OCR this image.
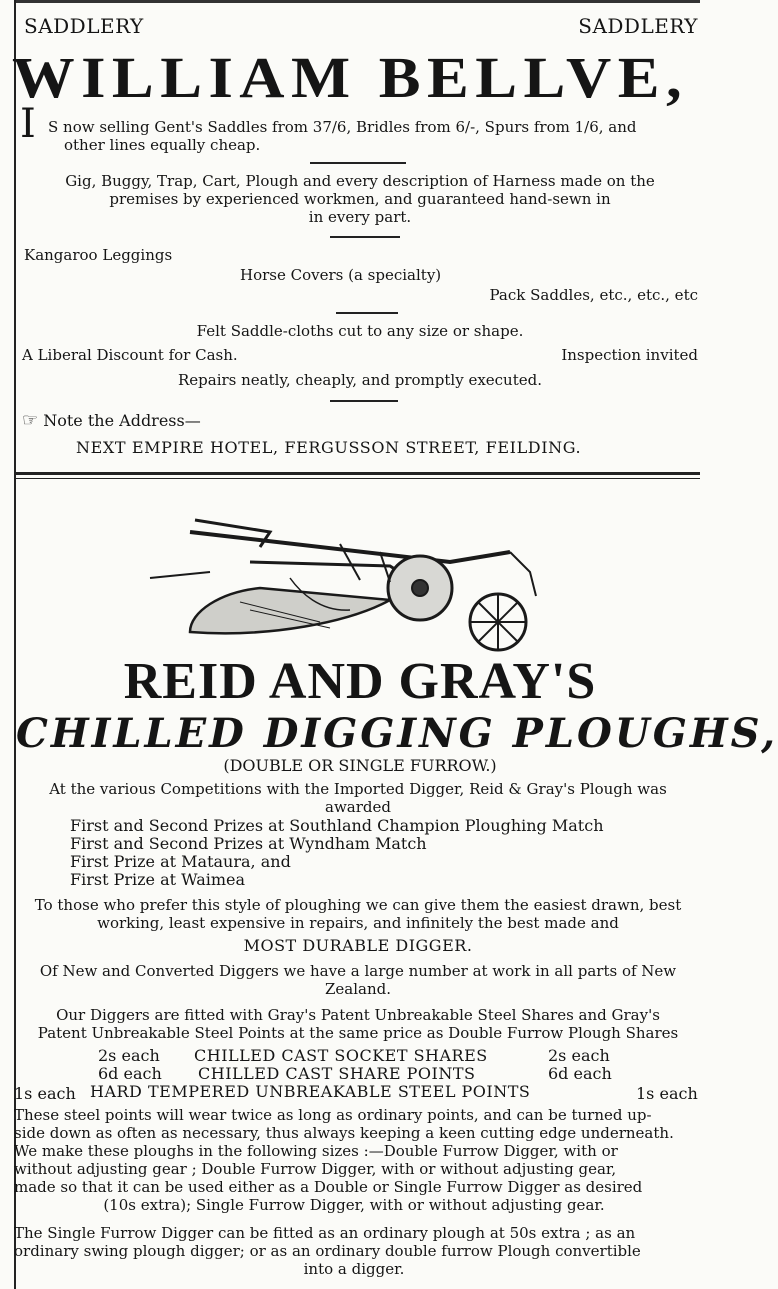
SADDLERY	SADDLERY
WILLIAM BELLVE,
I S now selling Gent's Saddles from 37/6, Bridles from 6/-, Spurs from 1/6, and
other lines equally cheap.
Gig, Buggy, Trap, Cart, Plough and every description of Harness made on the
premises by experienced workmen, and guaranteed hand-sewn in
in every part.
Kangaroo Leggings
Horse Covers (a specialty)
Pack Saddles, etc., etc., etc
Felt Saddle-cloths cut to any size or shape.
A Liberal Discount for Cash.	Inspection invited
Repairs neatly, cheaply, and promptly executed.
☞ Note the Address—
NEXT EMPIRE HOTEL, FERGUSSON STREET, FEILDING.
REID AND GRAY'S
CHILLED DIGGING PLOUGHS,
(DOUBLE OR SINGLE FURROW.)
At the various Competitions with the Imported Digger, Reid & Gray's Plough was
awarded
First and Second Prizes at Southland Champion Ploughing Match
First and Second Prizes at Wyndham Match
First Prize at Mataura, and
First Prize at Waimea
To those who prefer this style of ploughing we can give them the easiest drawn, best
working, least expensive in repairs, and infinitely the best made and
MOST DURABLE DIGGER.
Of New and Converted Diggers we have a large number at work in all parts of New
Zealand.
Our Diggers are fitted with Gray's Patent Unbreakable Steel Shares and Gray's
Patent Unbreakable Steel Points at the same price as Double Furrow Plough Shares
2s each CHILLED CAST SOCKET SHARES	2s each
6d each CHILLED CAST SHARE POINTS	6d each
1s each HARD TEMPERED UNBREAKABLE STEEL POINTS	1s each
These steel points will wear twice as long as ordinary points, and can be turned up-
side down as often as necessary, thus always keeping a keen cutting edge underneath.
We make these ploughs in the following sizes :—Double Furrow Digger, with or
without adjusting gear ; Double Furrow Digger, with or without adjusting gear,
made so that it can be used either as a Double or Single Furrow Digger as desired
(10s extra); Single Furrow Digger, with or without adjusting gear.
The Single Furrow Digger can be fitted as an ordinary plough at 50s extra ; as an
ordinary swing plough digger; or as an ordinary double furrow Plough convertible
into a digger.
